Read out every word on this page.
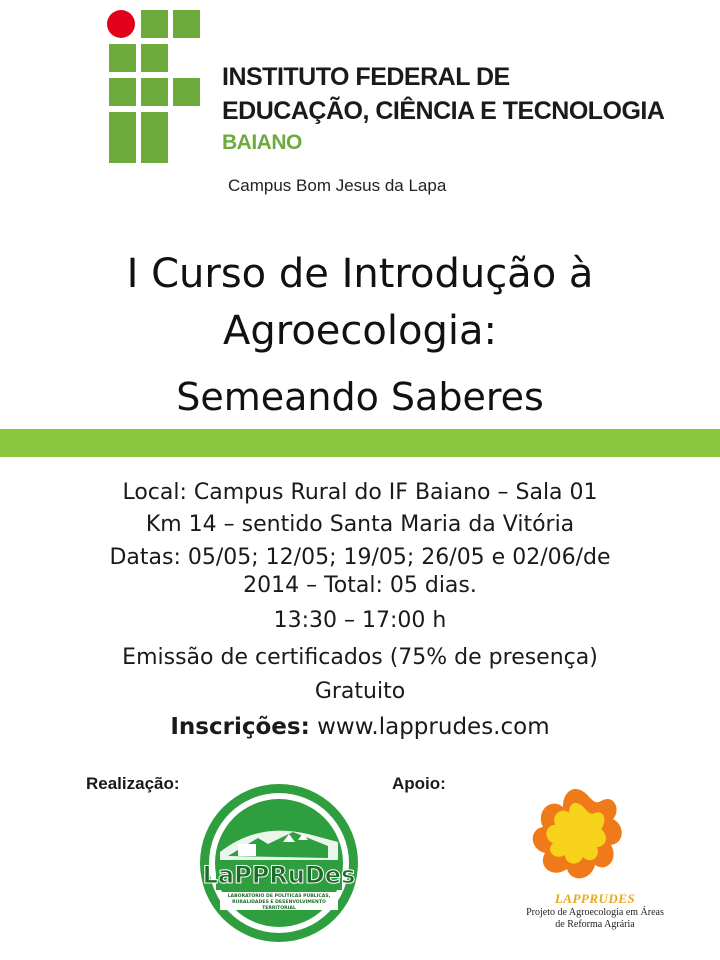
INSTITUTO FEDERAL DE
EDUCAÇÃO, CIÊNCIA E TECNOLOGIA
BAIANO
Campus Bom Jesus da Lapa
I Curso de Introdução à
Agroecologia:
Semeando Saberes
Local: Campus Rural do IF Baiano – Sala 01
Km 14 – sentido Santa Maria da Vitória
Datas: 05/05; 12/05; 19/05; 26/05 e 02/06/de
2014 – Total: 05 dias.
13:30 – 17:00 h
Emissão de certificados (75% de presença)
Gratuito
Inscrições: www.lapprudes.com
Realização:	Apoio:
LaPPRuDes
LABORATÓRIO DE POLÍTICAS PÚBLICAS, RURALIDADES E DESENVOLVIMENTO TERRITORIAL
LAPPRUDES
Projeto de Agroecologia em Áreas
de Reforma Agrária
